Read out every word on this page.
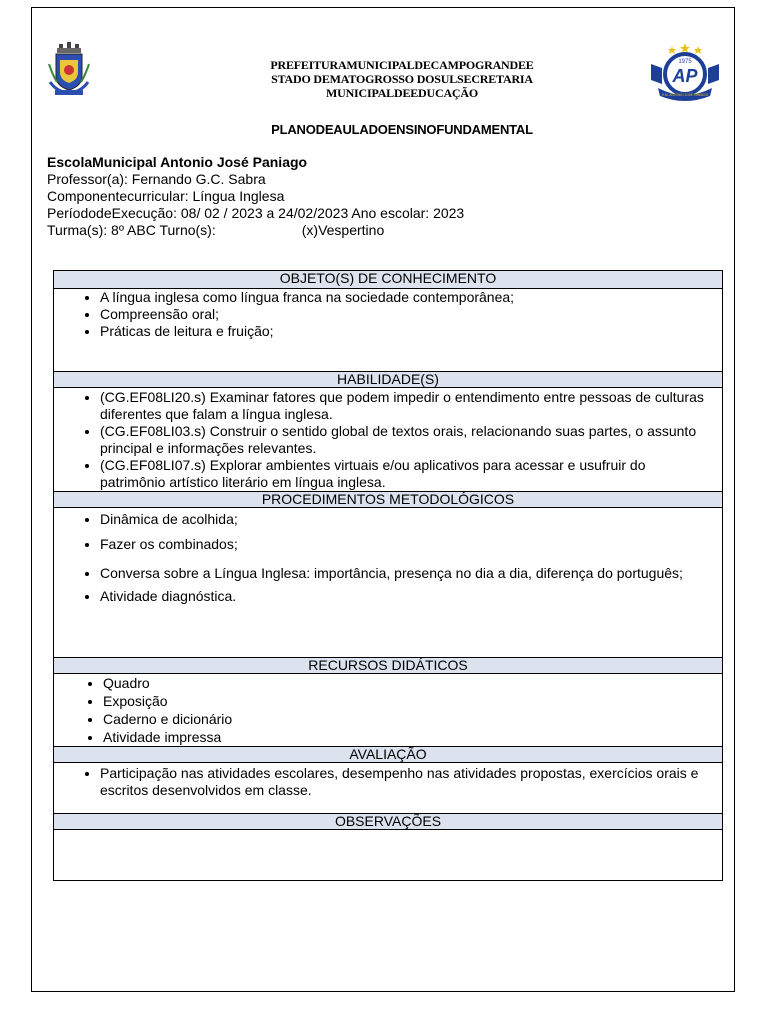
PREFEITURAMUNICIPALDECAMPOGRANDEE
STADO DEMATOGROSSO DOSULSECRETARIA
MUNICIPALDEEDUCAÇÃO
1975
AP
E.M. ANTONIO JOSÉ PANIAGO
PLANODEAULADOENSINOFUNDAMENTAL
EscolaMunicipal Antonio José Paniago
Professor(a): Fernando G.C. Sabra
Componentecurricular: Língua Inglesa
PeríododeExecução: 08/ 02 / 2023 a 24/02/2023 Ano escolar: 2023
Turma(s): 8º ABC Turno(s):	(x)Vespertino
OBJETO(S) DE CONHECIMENTO
• A língua inglesa como língua franca na sociedade contemporânea;
• Compreensão oral;
• Práticas de leitura e fruição;
HABILIDADE(S)
• (CG.EF08LI20.s) Examinar fatores que podem impedir o entendimento entre pessoas de culturas diferentes que falam a língua inglesa.
• (CG.EF08LI03.s) Construir o sentido global de textos orais, relacionando suas partes, o assunto principal e informações relevantes.
• (CG.EF08LI07.s) Explorar ambientes virtuais e/ou aplicativos para acessar e usufruir do patrimônio artístico literário em língua inglesa.
PROCEDIMENTOS METODOLÓGICOS
• Dinâmica de acolhida;
• Fazer os combinados;
• Conversa sobre a Língua Inglesa: importância, presença no dia a dia, diferença do português;
• Atividade diagnóstica.
RECURSOS DIDÁTICOS
• Quadro
• Exposição
• Caderno e dicionário
• Atividade impressa
AVALIAÇÃO
• Participação nas atividades escolares, desempenho nas atividades propostas, exercícios orais e escritos desenvolvidos em classe.
OBSERVAÇÕES
